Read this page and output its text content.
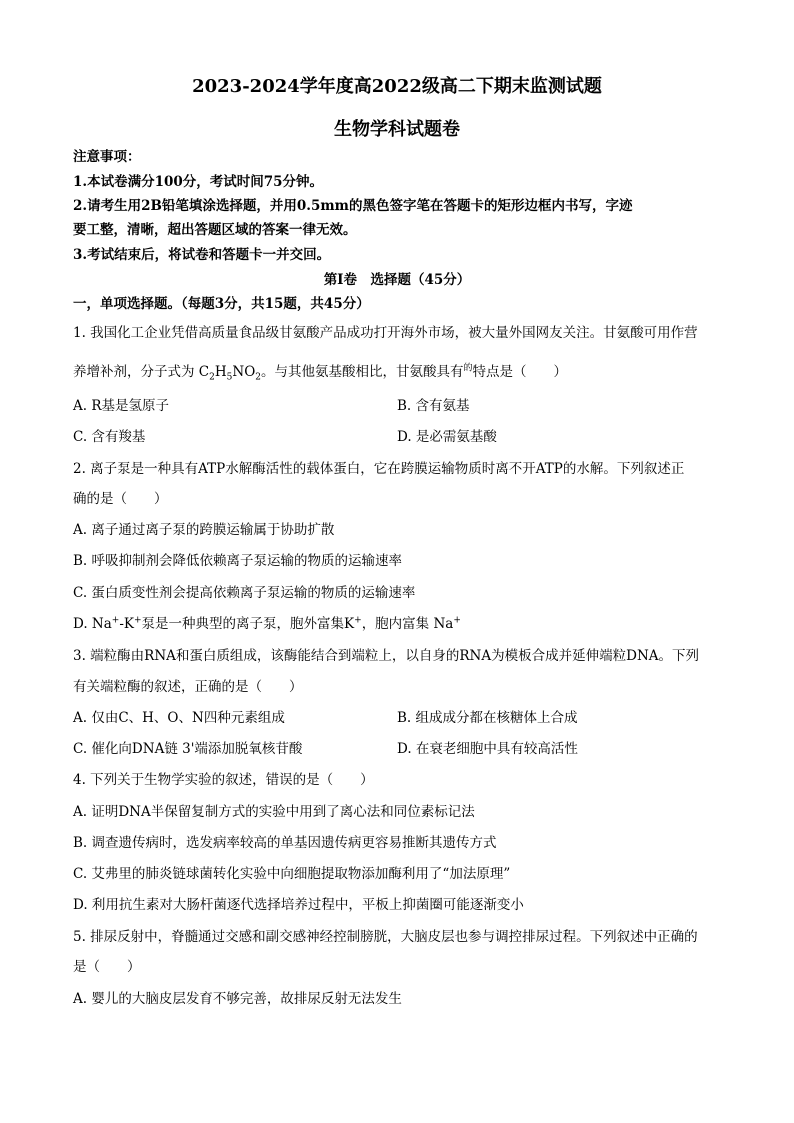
2023-2024学年度高2022级高二下期末监测试题
生物学科试题卷
注意事项：
1.本试卷满分100分，考试时间75分钟。
2.请考生用2B铅笔填涂选择题，并用0.5mm的黑色签字笔在答题卡的矩形边框内书写，字迹
要工整，清晰，超出答题区域的答案一律无效。
3.考试结束后，将试卷和答题卡一并交回。
第Ⅰ卷　选择题（45分）
一，单项选择题。（每题3分，共15题，共45分）
1. 我国化工企业凭借高质量食品级甘氨酸产品成功打开海外市场，被大量外国网友关注。甘氨酸可用作营
养增补剂，分子式为 $C_2H_5NO_2$。与其他氨基酸相比，甘氨酸具有$^的$特点是（　　）
A. R基是氢原子	B. 含有氨基
C. 含有羧基	D. 是必需氨基酸
2. 离子泵是一种具有ATP水解酶活性的载体蛋白，它在跨膜运输物质时离不开ATP的水解。下列叙述正
确的是（　　）
A. 离子通过离子泵的跨膜运输属于协助扩散
B. 呼吸抑制剂会降低依赖离子泵运输的物质的运输速率
C. 蛋白质变性剂会提高依赖离子泵运输的物质的运输速率
D. Na+-K+泵是一种典型的离子泵，胞外富集K+，胞内富集 Na+
3. 端粒酶由RNA和蛋白质组成，该酶能结合到端粒上，以自身的RNA为模板合成并延伸端粒DNA。下列
有关端粒酶的叙述，正确的是（　　）
A. 仅由C、H、O、N四种元素组成	B. 组成成分都在核糖体上合成
C. 催化向DNA链 3'端添加脱氧核苷酸	D. 在衰老细胞中具有较高活性
4. 下列关于生物学实验的叙述，错误的是（　　）
A. 证明DNA半保留复制方式的实验中用到了离心法和同位素标记法
B. 调查遗传病时，选发病率较高的单基因遗传病更容易推断其遗传方式
C. 艾弗里的肺炎链球菌转化实验中向细胞提取物添加酶利用了“加法原理”
D. 利用抗生素对大肠杆菌逐代选择培养过程中，平板上抑菌圈可能逐渐变小
5. 排尿反射中，脊髓通过交感和副交感神经控制膀胱，大脑皮层也参与调控排尿过程。下列叙述中正确的
是（　　）
A. 婴儿的大脑皮层发育不够完善，故排尿反射无法发生
